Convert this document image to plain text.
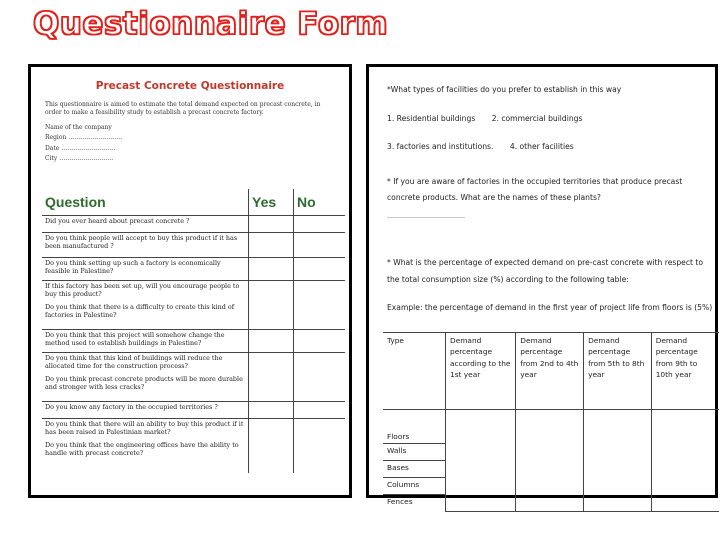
Questionnaire Form
Precast Concrete Questionnaire
This questionnaire is aimed to estimate the total demand expected on precast concrete, in order to make a feasibility study to establish a precast concrete factory.
Name of the company
Region ………………………
Date ………………………
City ………………………
Question	Yes	No
Did you ever heard about precast concrete ?		
Do you think people will accept to buy this product if it has been manufactured ?		
Do you think setting up such a factory is economically feasible in Palestine?		

If this factory has been set up, will you encourage people to buy this product?
Do you think that there is a difficulty to create this kind of factories in Palestine?		

Do you think that this project will somehow change the method used to establish buildings in Palestine?		

Do you think that this kind of buildings will reduce the allocated time for the construction process?
Do you think precast concrete products will be more durable and stronger with less cracks?		

Do you know any factory in the occupied territories ?		

Do you think that there will an ability to buy this product if it has been raised in Palestinian market?
Do you think that the engineering offices have the ability to handle with precast concrete?		

*What types of facilities do you prefer to establish in this way
1. Residential buildings 2. commercial buildings
3. factories and institutions. 4. other facilities
* If you are aware of factories in the occupied territories that produce precast
concrete products. What are the names of these plants?
…………………………………
* What is the percentage of expected demand on pre-cast concrete with respect to
the total consumption size (%) according to the following table:
Example: the percentage of demand in the first year of project life from floors is (5%)
Type	Demand percentage according to the 1st year	Demand percentage from 2nd to 4th year	Demand percentage from 5th to 8th year	Demand percentage from 9th to 10th year
Floors				
Walls				
Bases				
Columns				
Fences				
